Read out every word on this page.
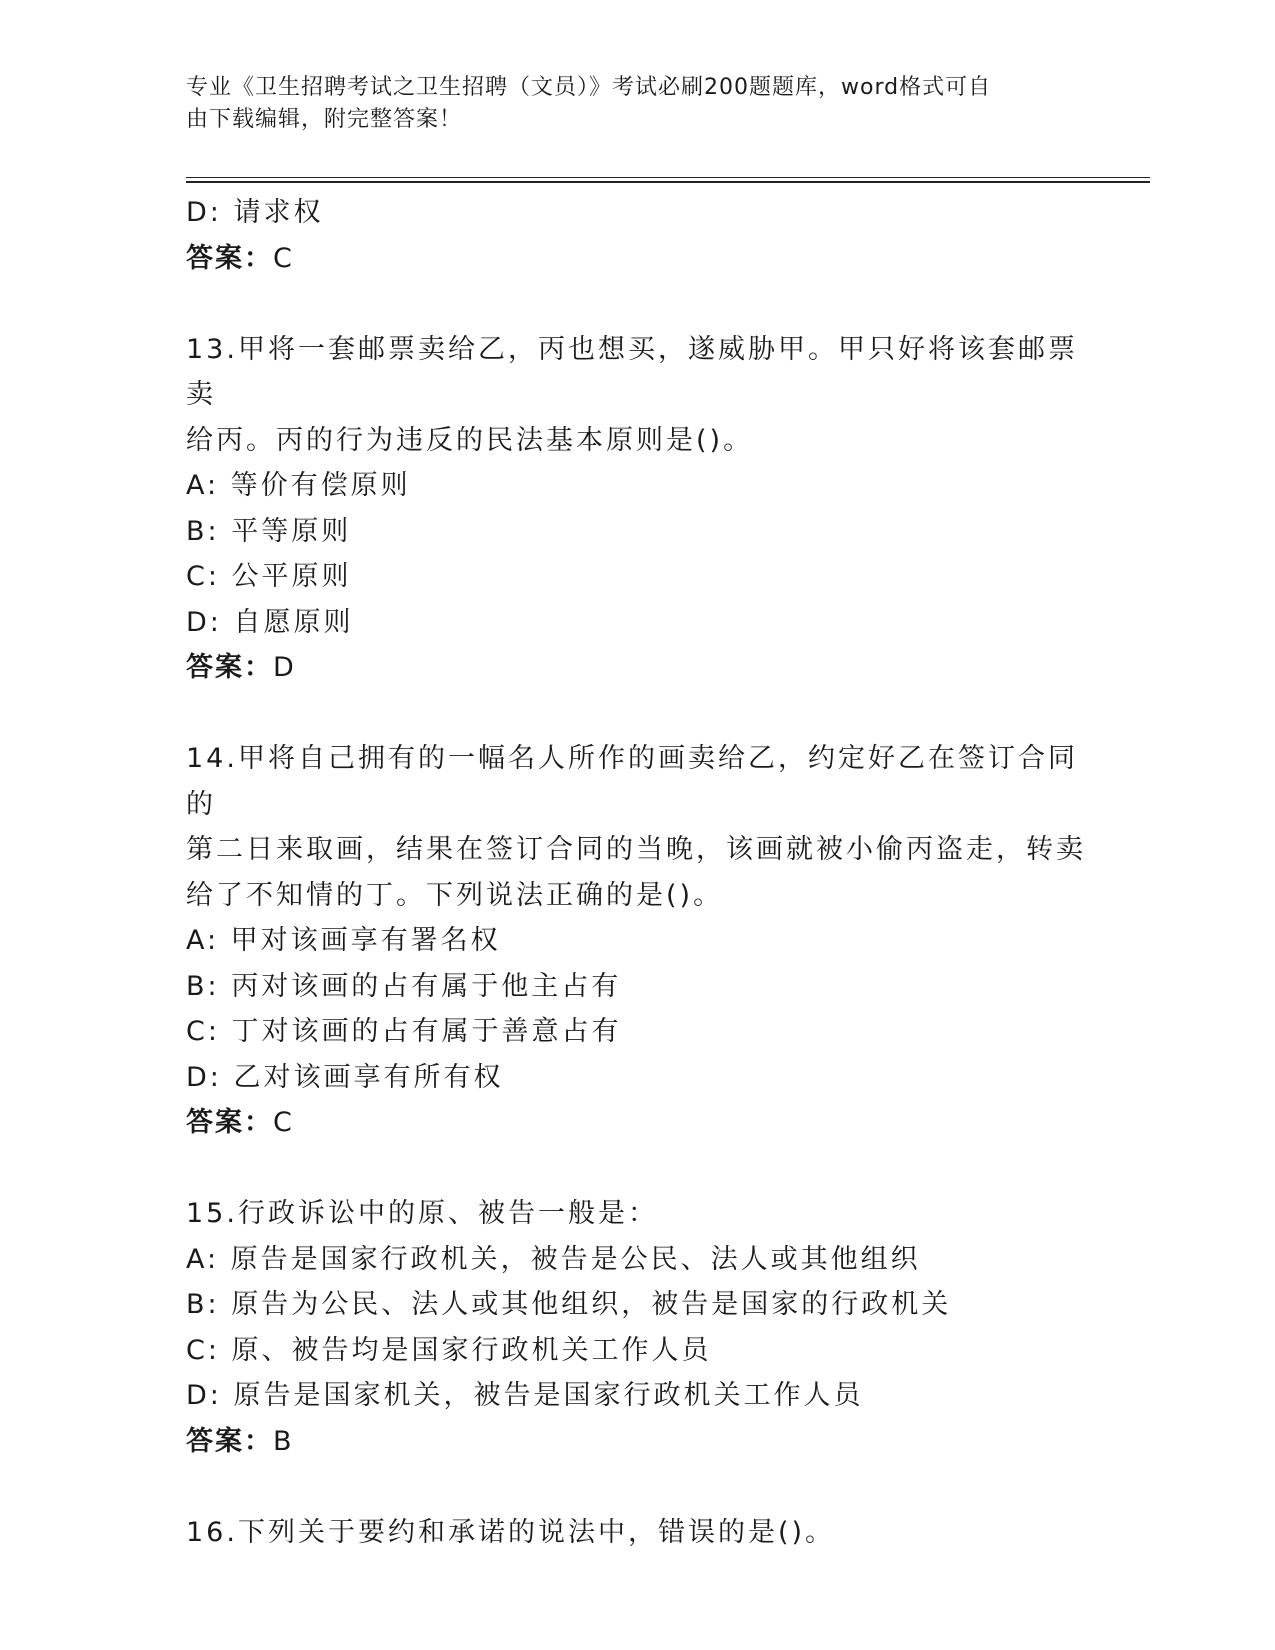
专业《卫生招聘考试之卫生招聘（文员）》考试必刷200题题库，word格式可自
由下载编辑，附完整答案！
D: 请求权
答案：C
13.甲将一套邮票卖给乙，丙也想买，遂威胁甲。甲只好将该套邮票卖
给丙。丙的行为违反的民法基本原则是()。
A: 等价有偿原则
B: 平等原则
C: 公平原则
D: 自愿原则
答案：D
14.甲将自己拥有的一幅名人所作的画卖给乙，约定好乙在签订合同的
第二日来取画，结果在签订合同的当晚，该画就被小偷丙盗走，转卖
给了不知情的丁。下列说法正确的是()。
A: 甲对该画享有署名权
B: 丙对该画的占有属于他主占有
C: 丁对该画的占有属于善意占有
D: 乙对该画享有所有权
答案：C
15.行政诉讼中的原、被告一般是：
A: 原告是国家行政机关，被告是公民、法人或其他组织
B: 原告为公民、法人或其他组织，被告是国家的行政机关
C: 原、被告均是国家行政机关工作人员
D: 原告是国家机关，被告是国家行政机关工作人员
答案：B
16.下列关于要约和承诺的说法中，错误的是()。
